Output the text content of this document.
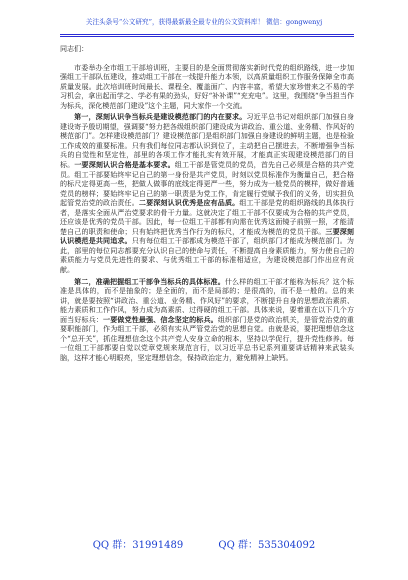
关注头条号“公文研究”，获得最新最全最专业的公文资料库！ 微信：gongwenyj

同志们：

市委举办全市组工干部培训班，主要目的是全面贯彻落实新时代党的组织路线，进一步加强组工干部队伍建设，推动组工干部在一线提升能力本领，以高质量组织工作服务保障全市高质量发展。此次培训班时间最长、课程全、覆盖面广、内容丰富，希望大家珍惜来之不易的学习机会，拿出起而学之、学必有果的劲头，好好“补补课”“充充电”。这里，我围绕“争当担当作为标兵，深化模范部门建设”这个主题，同大家作一个交流。

第一，深刻认识争当标兵是建设模范部门的内在要求。习近平总书记对组织部门加强自身建设寄予殷切期望，强调要“努力把各级组织部门建设成为讲政治、重公道、业务精、作风好的模范部门”。怎样建设模范部门？建设模范部门是组织部门加强自身建设的鲜明主题，也是检验工作成效的重要标准。只有我们每位同志都认识到位了，主动把自己摆进去，不断增强争当标兵的自觉性和坚定性，部里的各项工作才能扎实有效开展，才能真正实现建设模范部门的目标。一要深刻认识合格是基本要求。组工干部是管党员的党员，首先自己必须是合格的共产党员。组工干部要始终牢记自己的第一身份是共产党员，时刻以党员标准作为衡量自己，把合格的标尺定得更高一些，把做人做事的底线定得更严一些，努力成为一般党员的模样，做好普通党员的榜样；要始终牢记自己的第一职责是为党工作，肯定履行党赋予我们的义务，切实担负起管党治党的政治责任。二要深刻认识优秀是应有品质。组工干部是党的组织路线的具体执行者，是落实全面从严治党要求的骨干力量。这就决定了组工干部不仅要成为合格的共产党员，还应该是优秀的党员干部。因此，每一位组工干部都有向需在优秀这面镜子前照一照，才能清楚自己的职责和使命；只有始终把优秀当作行为的标尺，才能成为模范的党员干部。三要深刻认识模范是共同追求。只有每位组工干部都成为模范干部了，组织部门才能成为模范部门。为此，部里的每位同志都要充分认识自己的使命与责任，不断提高自身素质能力，努力使自己的素质能力与党员先进性的要求、与优秀组工干部的标准相适应，为建设模范部门作出应有贡献。

第二，准确把握组工干部争当标兵的具体标准。什么样的组工干部才能称为标兵？这个标准是具体的，而不是抽象的；是全面的，而不是局部的；是很高的，而不是一般的。总的来讲，就是要按照“讲政治、重公道、业务精、作风好”的要求，不断提升自身的思想政治素质、能力素质和工作作风，努力成为高素质、过得硬的组工干部。具体来说，要着重在以下几个方面当好标兵：一要做党性最强、信念坚定的标兵。组织部门是党的政治机关，是管党治党的重要职能部门，作为组工干部，必须有实从严管党治党的思想自觉。由就是说，要把理想信念这个“总开关”，抓住理想信念这个共产党人安身立命的根本，坚持以学促行，提升党性修养。每一位组工干部都要自觉以党章党规来规范言行，以习近平总书记系列重要讲话精神来武装头脑，这样才能心明眼亮，坚定理想信念，保持政治定力，避免精神上缺钙。

QQ 群：31991489	QQ 群：535304092
